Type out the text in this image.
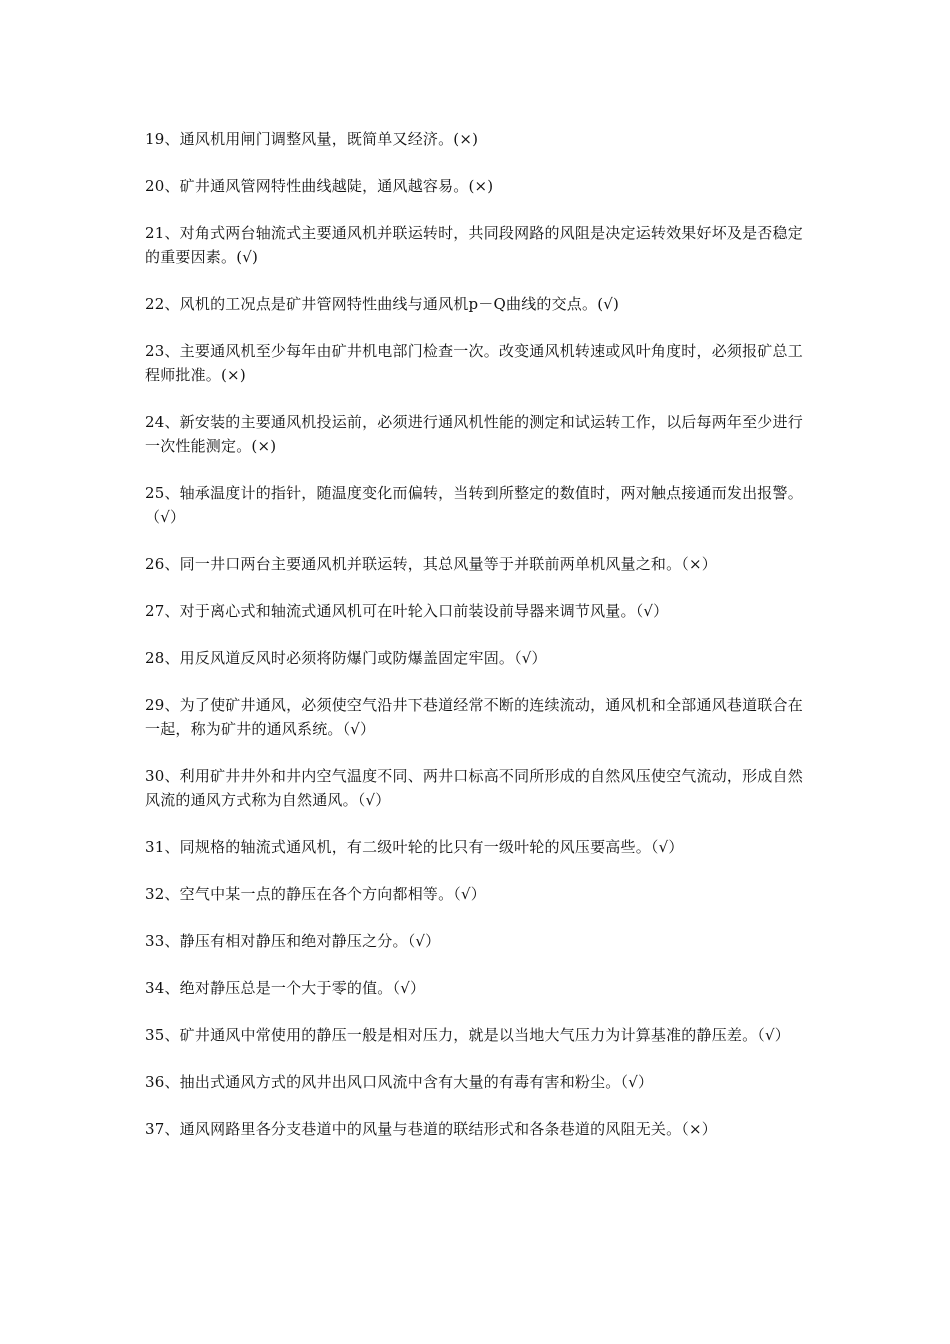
19、通风机用闸门调整风量，既简单又经济。(×)

20、矿井通风管网特性曲线越陡，通风越容易。(×)

21、对角式两台轴流式主要通风机并联运转时，共同段网路的风阻是决定运转效果好坏及是否稳定的重要因素。(√)

22、风机的工况点是矿井管网特性曲线与通风机p－Q曲线的交点。(√)

23、主要通风机至少每年由矿井机电部门检查一次。改变通风机转速或风叶角度时，必须报矿总工程师批准。(×)

24、新安装的主要通风机投运前，必须进行通风机性能的测定和试运转工作，以后每两年至少进行一次性能测定。(×)

25、轴承温度计的指针，随温度变化而偏转，当转到所整定的数值时，两对触点接通而发出报警。（√）

26、同一井口两台主要通风机并联运转，其总风量等于并联前两单机风量之和。（×）

27、对于离心式和轴流式通风机可在叶轮入口前装设前导器来调节风量。（√）

28、用反风道反风时必须将防爆门或防爆盖固定牢固。（√）

29、为了使矿井通风，必须使空气沿井下巷道经常不断的连续流动，通风机和全部通风巷道联合在一起，称为矿井的通风系统。（√）

30、利用矿井井外和井内空气温度不同、两井口标高不同所形成的自然风压使空气流动，形成自然风流的通风方式称为自然通风。（√）

31、同规格的轴流式通风机，有二级叶轮的比只有一级叶轮的风压要高些。（√）

32、空气中某一点的静压在各个方向都相等。（√）

33、静压有相对静压和绝对静压之分。（√）

34、绝对静压总是一个大于零的值。（√）

35、矿井通风中常使用的静压一般是相对压力，就是以当地大气压力为计算基准的静压差。（√）

36、抽出式通风方式的风井出风口风流中含有大量的有毒有害和粉尘。（√）

37、通风网路里各分支巷道中的风量与巷道的联结形式和各条巷道的风阻无关。（×）
